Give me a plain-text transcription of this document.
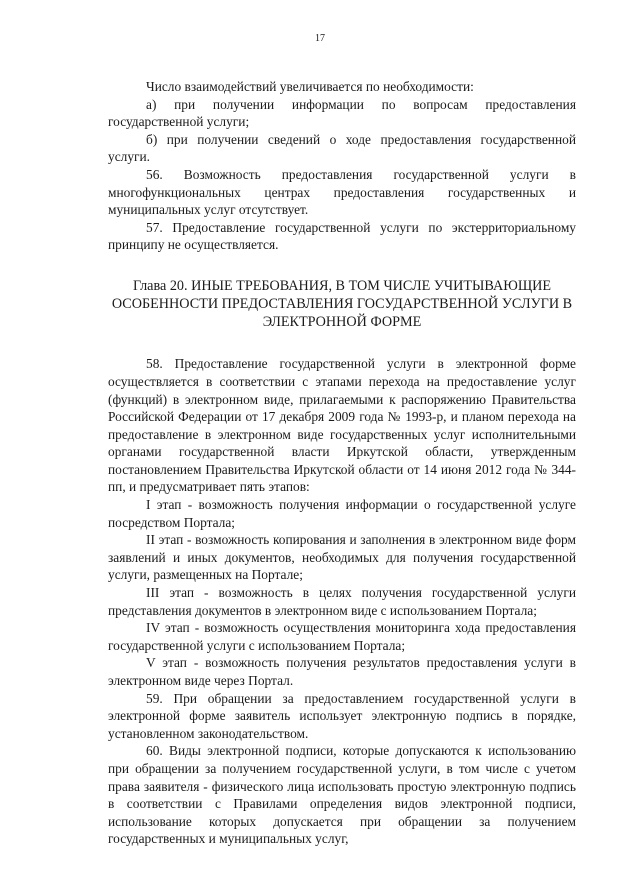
17

Число взаимодействий увеличивается по необходимости:

а) при получении информации по вопросам предоставления государственной услуги;

б) при получении сведений о ходе предоставления государственной услуги.

56. Возможность предоставления государственной услуги в многофункциональных центрах предоставления государственных и муниципальных услуг отсутствует.

57. Предоставление государственной услуги по экстерриториальному принципу не осуществляется.

Глава 20. ИНЫЕ ТРЕБОВАНИЯ, В ТОМ ЧИСЛЕ УЧИТЫВАЮЩИЕ ОСОБЕННОСТИ ПРЕДОСТАВЛЕНИЯ ГОСУДАРСТВЕННОЙ УСЛУГИ В ЭЛЕКТРОННОЙ ФОРМЕ

58. Предоставление государственной услуги в электронной форме осуществляется в соответствии с этапами перехода на предоставление услуг (функций) в электронном виде, прилагаемыми к распоряжению Правительства Российской Федерации от 17 декабря 2009 года № 1993-р, и планом перехода на предоставление в электронном виде государственных услуг исполнительными органами государственной власти Иркутской области, утвержденным постановлением Правительства Иркутской области от 14 июня 2012 года № 344-пп, и предусматривает пять этапов:

I этап - возможность получения информации о государственной услуге посредством Портала;

II этап - возможность копирования и заполнения в электронном виде форм заявлений и иных документов, необходимых для получения государственной услуги, размещенных на Портале;

III этап - возможность в целях получения государственной услуги представления документов в электронном виде с использованием Портала;

IV этап - возможность осуществления мониторинга хода предоставления государственной услуги с использованием Портала;

V этап - возможность получения результатов предоставления услуги в электронном виде через Портал.

59. При обращении за предоставлением государственной услуги в электронной форме заявитель использует электронную подпись в порядке, установленном законодательством.

60. Виды электронной подписи, которые допускаются к использованию при обращении за получением государственной услуги, в том числе с учетом права заявителя - физического лица использовать простую электронную подпись в соответствии с Правилами определения видов электронной подписи, использование которых допускается при обращении за получением государственных и муниципальных услуг,
